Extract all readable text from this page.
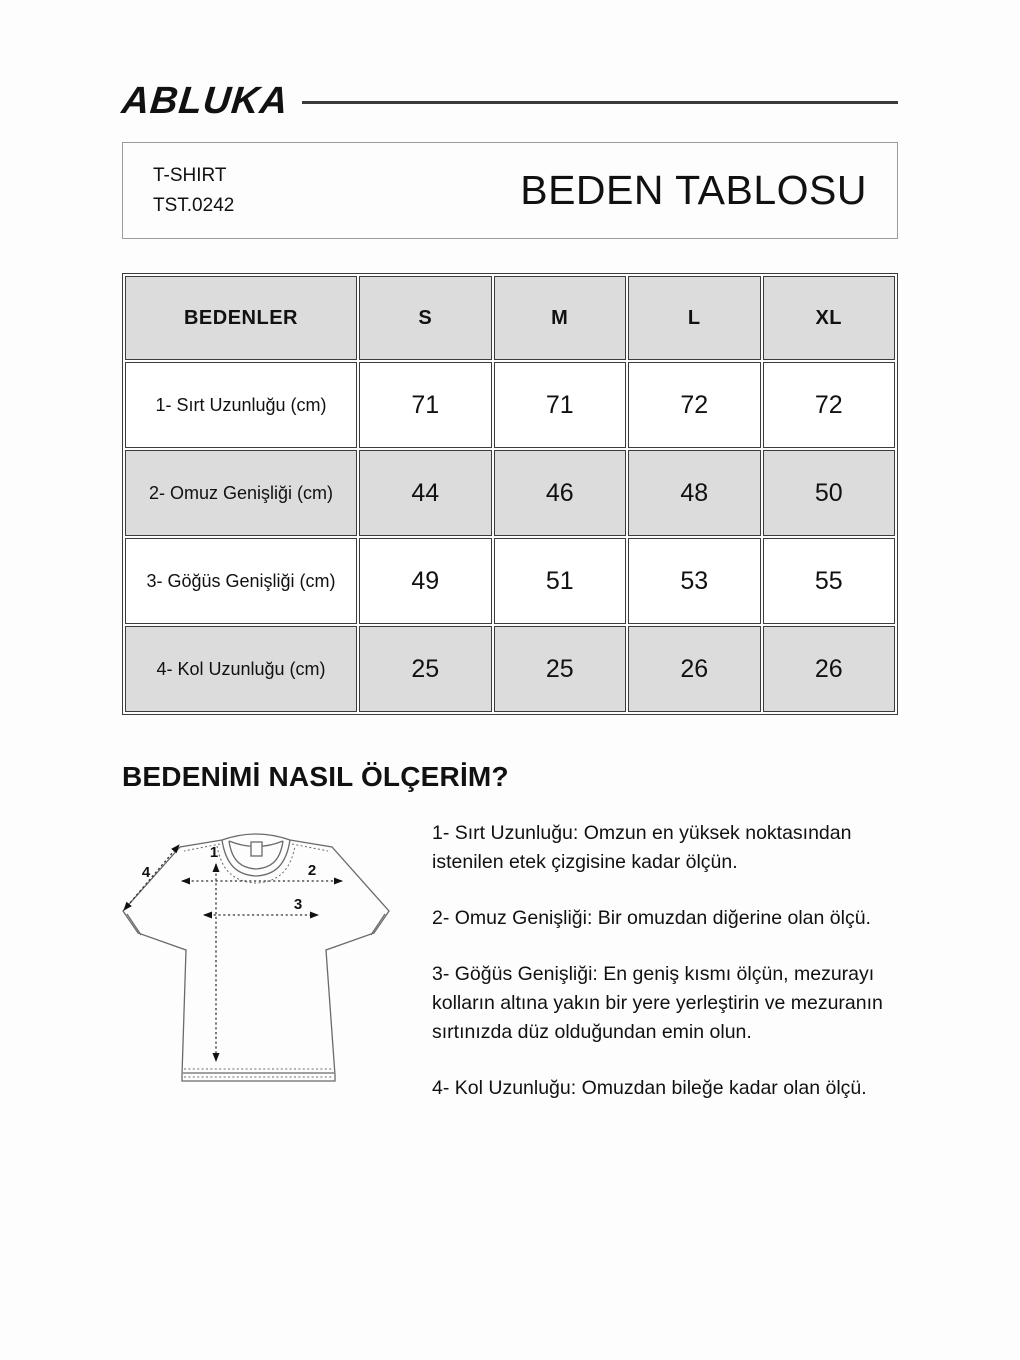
ABLUKA
T-SHIRT
TST.0242	BEDEN TABLOSU
BEDENLER	S	M	L	XL
1- Sırt Uzunluğu (cm)	71	71	72	72
2- Omuz Genişliği (cm)	44	46	48	50
3- Göğüs Genişliği (cm)	49	51	53	55
4- Kol Uzunluğu (cm)	25	25	26	26
BEDENİMİ NASIL ÖLÇERİM?
1
2
3
4

1- Sırt Uzunluğu: Omzun en yüksek noktasından istenilen etek çizgisine kadar ölçün.

2- Omuz Genişliği: Bir omuzdan diğerine olan ölçü.

3- Göğüs Genişliği: En geniş kısmı ölçün, mezurayı kolların altına yakın bir yere yerleştirin ve mezuranın sırtınızda düz olduğundan emin olun.

4- Kol Uzunluğu: Omuzdan bileğe kadar olan ölçü.
